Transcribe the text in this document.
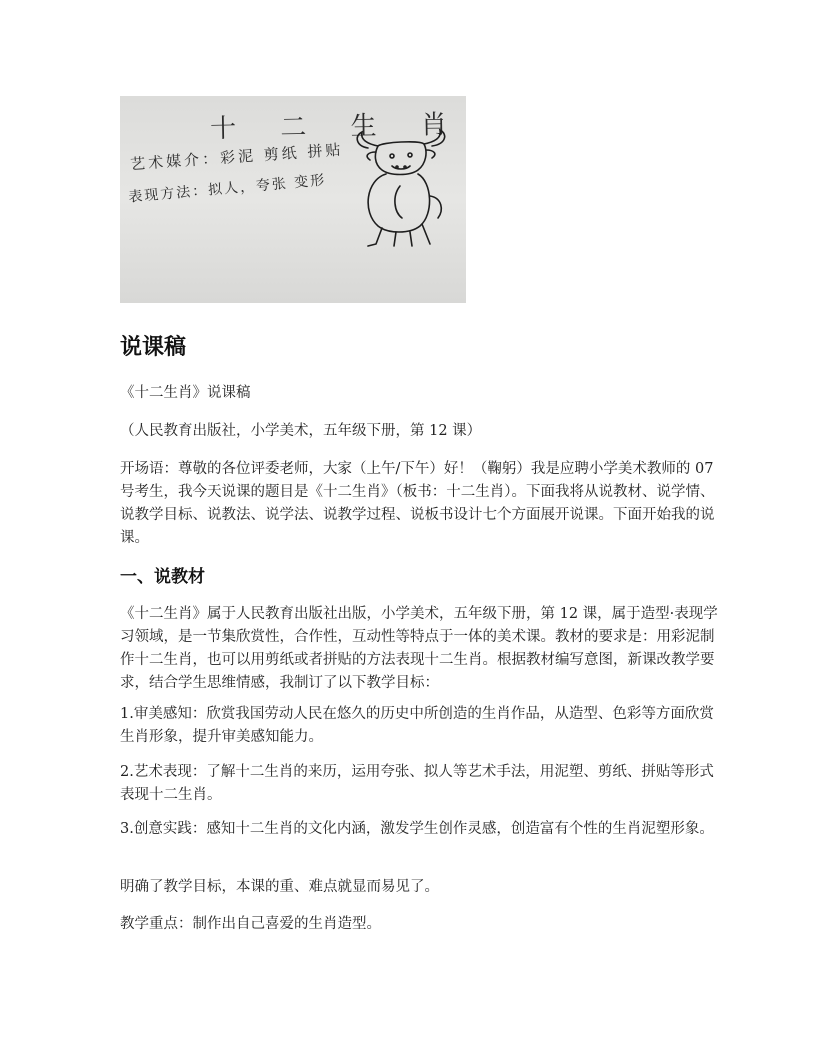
十 二 生 肖
艺术媒介：彩泥 剪纸 拼贴
表现方法：拟人，夸张 变形
说课稿

《十二生肖》说课稿

（人民教育出版社，小学美术，五年级下册，第 12 课）

开场语：尊敬的各位评委老师，大家（上午/下午）好！（鞠躬）我是应聘小学美术教师的 07 号考生，我今天说课的题目是《十二生肖》（板书：十二生肖）。下面我将从说教材、说学情、说教学目标、说教法、说学法、说教学过程、说板书设计七个方面展开说课。下面开始我的说课。

一、说教材

《十二生肖》属于人民教育出版社出版，小学美术，五年级下册，第 12 课，属于造型·表现学习领域，是一节集欣赏性，合作性，互动性等特点于一体的美术课。教材的要求是：用彩泥制作十二生肖，也可以用剪纸或者拼贴的方法表现十二生肖。根据教材编写意图，新课改教学要求，结合学生思维情感，我制订了以下教学目标：

1.审美感知：欣赏我国劳动人民在悠久的历史中所创造的生肖作品，从造型、色彩等方面欣赏生肖形象，提升审美感知能力。

2.艺术表现：了解十二生肖的来历，运用夸张、拟人等艺术手法，用泥塑、剪纸、拼贴等形式表现十二生肖。

3.创意实践：感知十二生肖的文化内涵，激发学生创作灵感，创造富有个性的生肖泥塑形象。

明确了教学目标，本课的重、难点就显而易见了。

教学重点：制作出自己喜爱的生肖造型。
